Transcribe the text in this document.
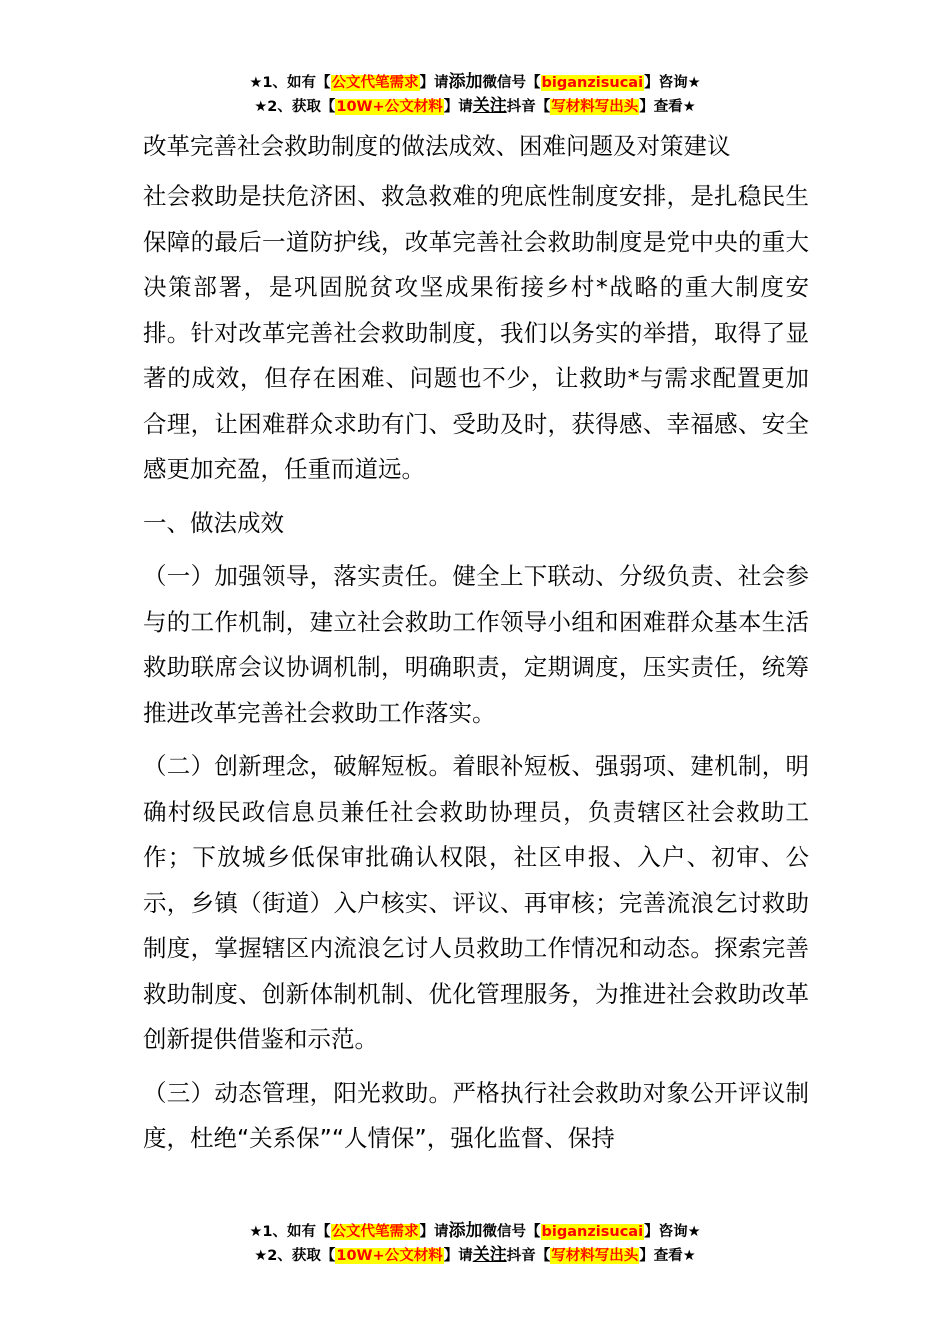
★1、如有【公文代笔需求】请添加微信号【biganzisucai】咨询★
★2、获取【10W+公文材料】请关注抖音【写材料写出头】查看★
改革完善社会救助制度的做法成效、困难问题及对策建议

社会救助是扶危济困、救急救难的兜底性制度安排，是扎稳民生保障的最后一道防护线，改革完善社会救助制度是党中央的重大决策部署，是巩固脱贫攻坚成果衔接乡村*战略的重大制度安排。针对改革完善社会救助制度，我们以务实的举措，取得了显著的成效，但存在困难、问题也不少，让救助*与需求配置更加合理，让困难群众求助有门、受助及时，获得感、幸福感、安全感更加充盈，任重而道远。

一、做法成效

（一）加强领导，落实责任。健全上下联动、分级负责、社会参与的工作机制，建立社会救助工作领导小组和困难群众基本生活救助联席会议协调机制，明确职责，定期调度，压实责任，统筹推进改革完善社会救助工作落实。

（二）创新理念，破解短板。着眼补短板、强弱项、建机制，明确村级民政信息员兼任社会救助协理员，负责辖区社会救助工作；下放城乡低保审批确认权限，社区申报、入户、初审、公示，乡镇（街道）入户核实、评议、再审核；完善流浪乞讨救助制度，掌握辖区内流浪乞讨人员救助工作情况和动态。探索完善救助制度、创新体制机制、优化管理服务，为推进社会救助改革创新提供借鉴和示范。

（三）动态管理，阳光救助。严格执行社会救助对象公开评议制度，杜绝“关系保”“人情保”，强化监督、保持

★1、如有【公文代笔需求】请添加微信号【biganzisucai】咨询★
★2、获取【10W+公文材料】请关注抖音【写材料写出头】查看★
